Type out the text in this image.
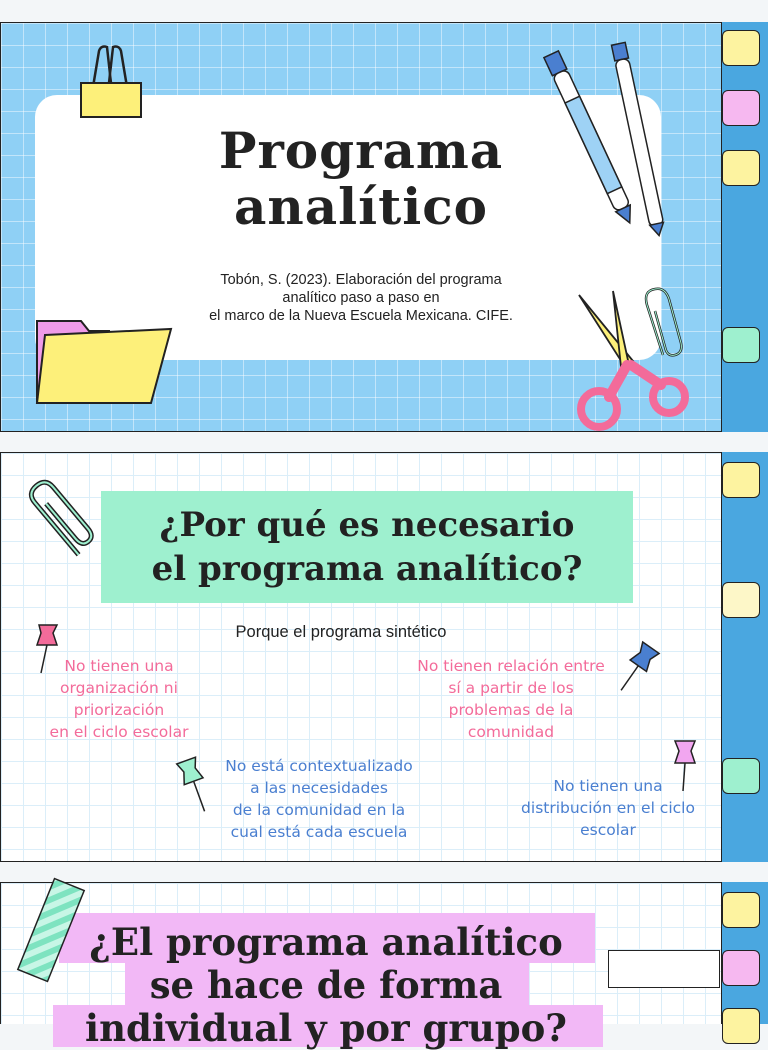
Programa
analítico
Tobón, S. (2023). Elaboración del programa
analítico paso a paso en
el marco de la Nueva Escuela Mexicana. CIFE.
¿Por qué es necesario
el programa analítico?
Porque el programa sintético
No tienen una
organización ni
priorización
en el ciclo escolar
No tienen relación entre
sí a partir de los
problemas de la
comunidad
No está contextualizado
a las necesidades
de la comunidad en la
cual está cada escuela
No tienen una
distribución en el ciclo
escolar
¿El programa analítico
se hace de forma
individual y por grupo?
